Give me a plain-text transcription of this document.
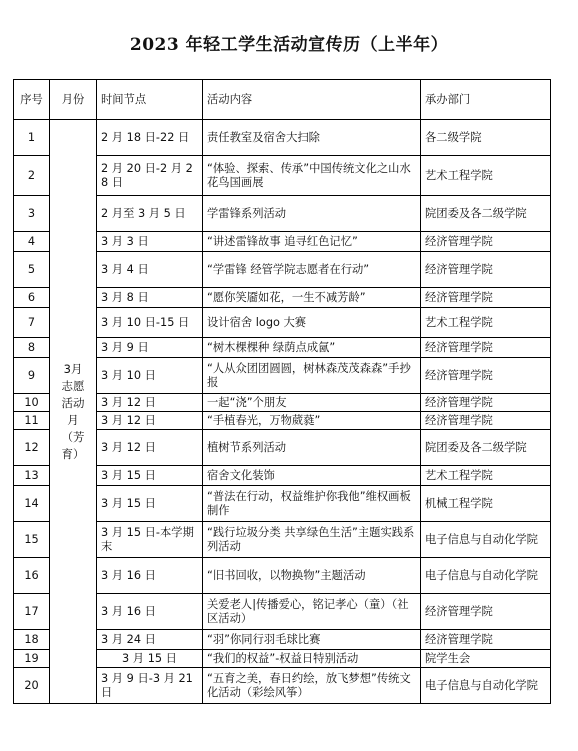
2023 年轻工学生活动宣传历（上半年）
序号	月份	时间节点	活动内容	承办部门
1	3月志愿活动月（芳育）	2 月 18 日-22 日	责任教室及宿舍大扫除	各二级学院
2		2 月 20 日-2 月 28 日	“体验、探索、传承”中国传统文化之山水花鸟国画展	艺术工程学院
3		2 月至 3 月 5 日	学雷锋系列活动	院团委及各二级学院
4		3 月 3 日	“讲述雷锋故事 追寻红色记忆”	经济管理学院
5		3 月 4 日	“学雷锋 经管学院志愿者在行动”	经济管理学院
6		3 月 8 日	“愿你笑靥如花，一生不减芳龄”	经济管理学院
7		3 月 10 日-15 日	设计宿舍 logo 大赛	艺术工程学院
8		3 月 9 日	“树木棵棵种 绿荫点成氤”	经济管理学院
9		3 月 10 日	“人从众团团圆圆，树林森茂茂森森”手抄报	经济管理学院
10		3 月 12 日	一起“浇”个朋友	经济管理学院
11		3 月 12 日	“手植春光，万物葳蕤”	经济管理学院
12		3 月 12 日	植树节系列活动	院团委及各二级学院
13		3 月 15 日	宿舍文化装饰	艺术工程学院
14		3 月 15 日	“普法在行动，权益维护你我他”维权画板制作	机械工程学院
15		3 月 15 日-本学期末	“践行垃圾分类 共享绿色生活”主题实践系列活动	电子信息与自动化学院
16		3 月 16 日	“旧书回收，以物换物”主题活动	电子信息与自动化学院
17		3 月 16 日	关爱老人|传播爱心，铭记孝心（童）（社区活动）	经济管理学院
18		3 月 24 日	“羽”你同行羽毛球比赛	经济管理学院
19		3 月 15 日	“我们的权益”-权益日特别活动	院学生会
20		3 月 9 日-3 月 21 日	“五育之美，春日约绘，放飞梦想”传统文化活动（彩绘风筝）	电子信息与自动化学院
